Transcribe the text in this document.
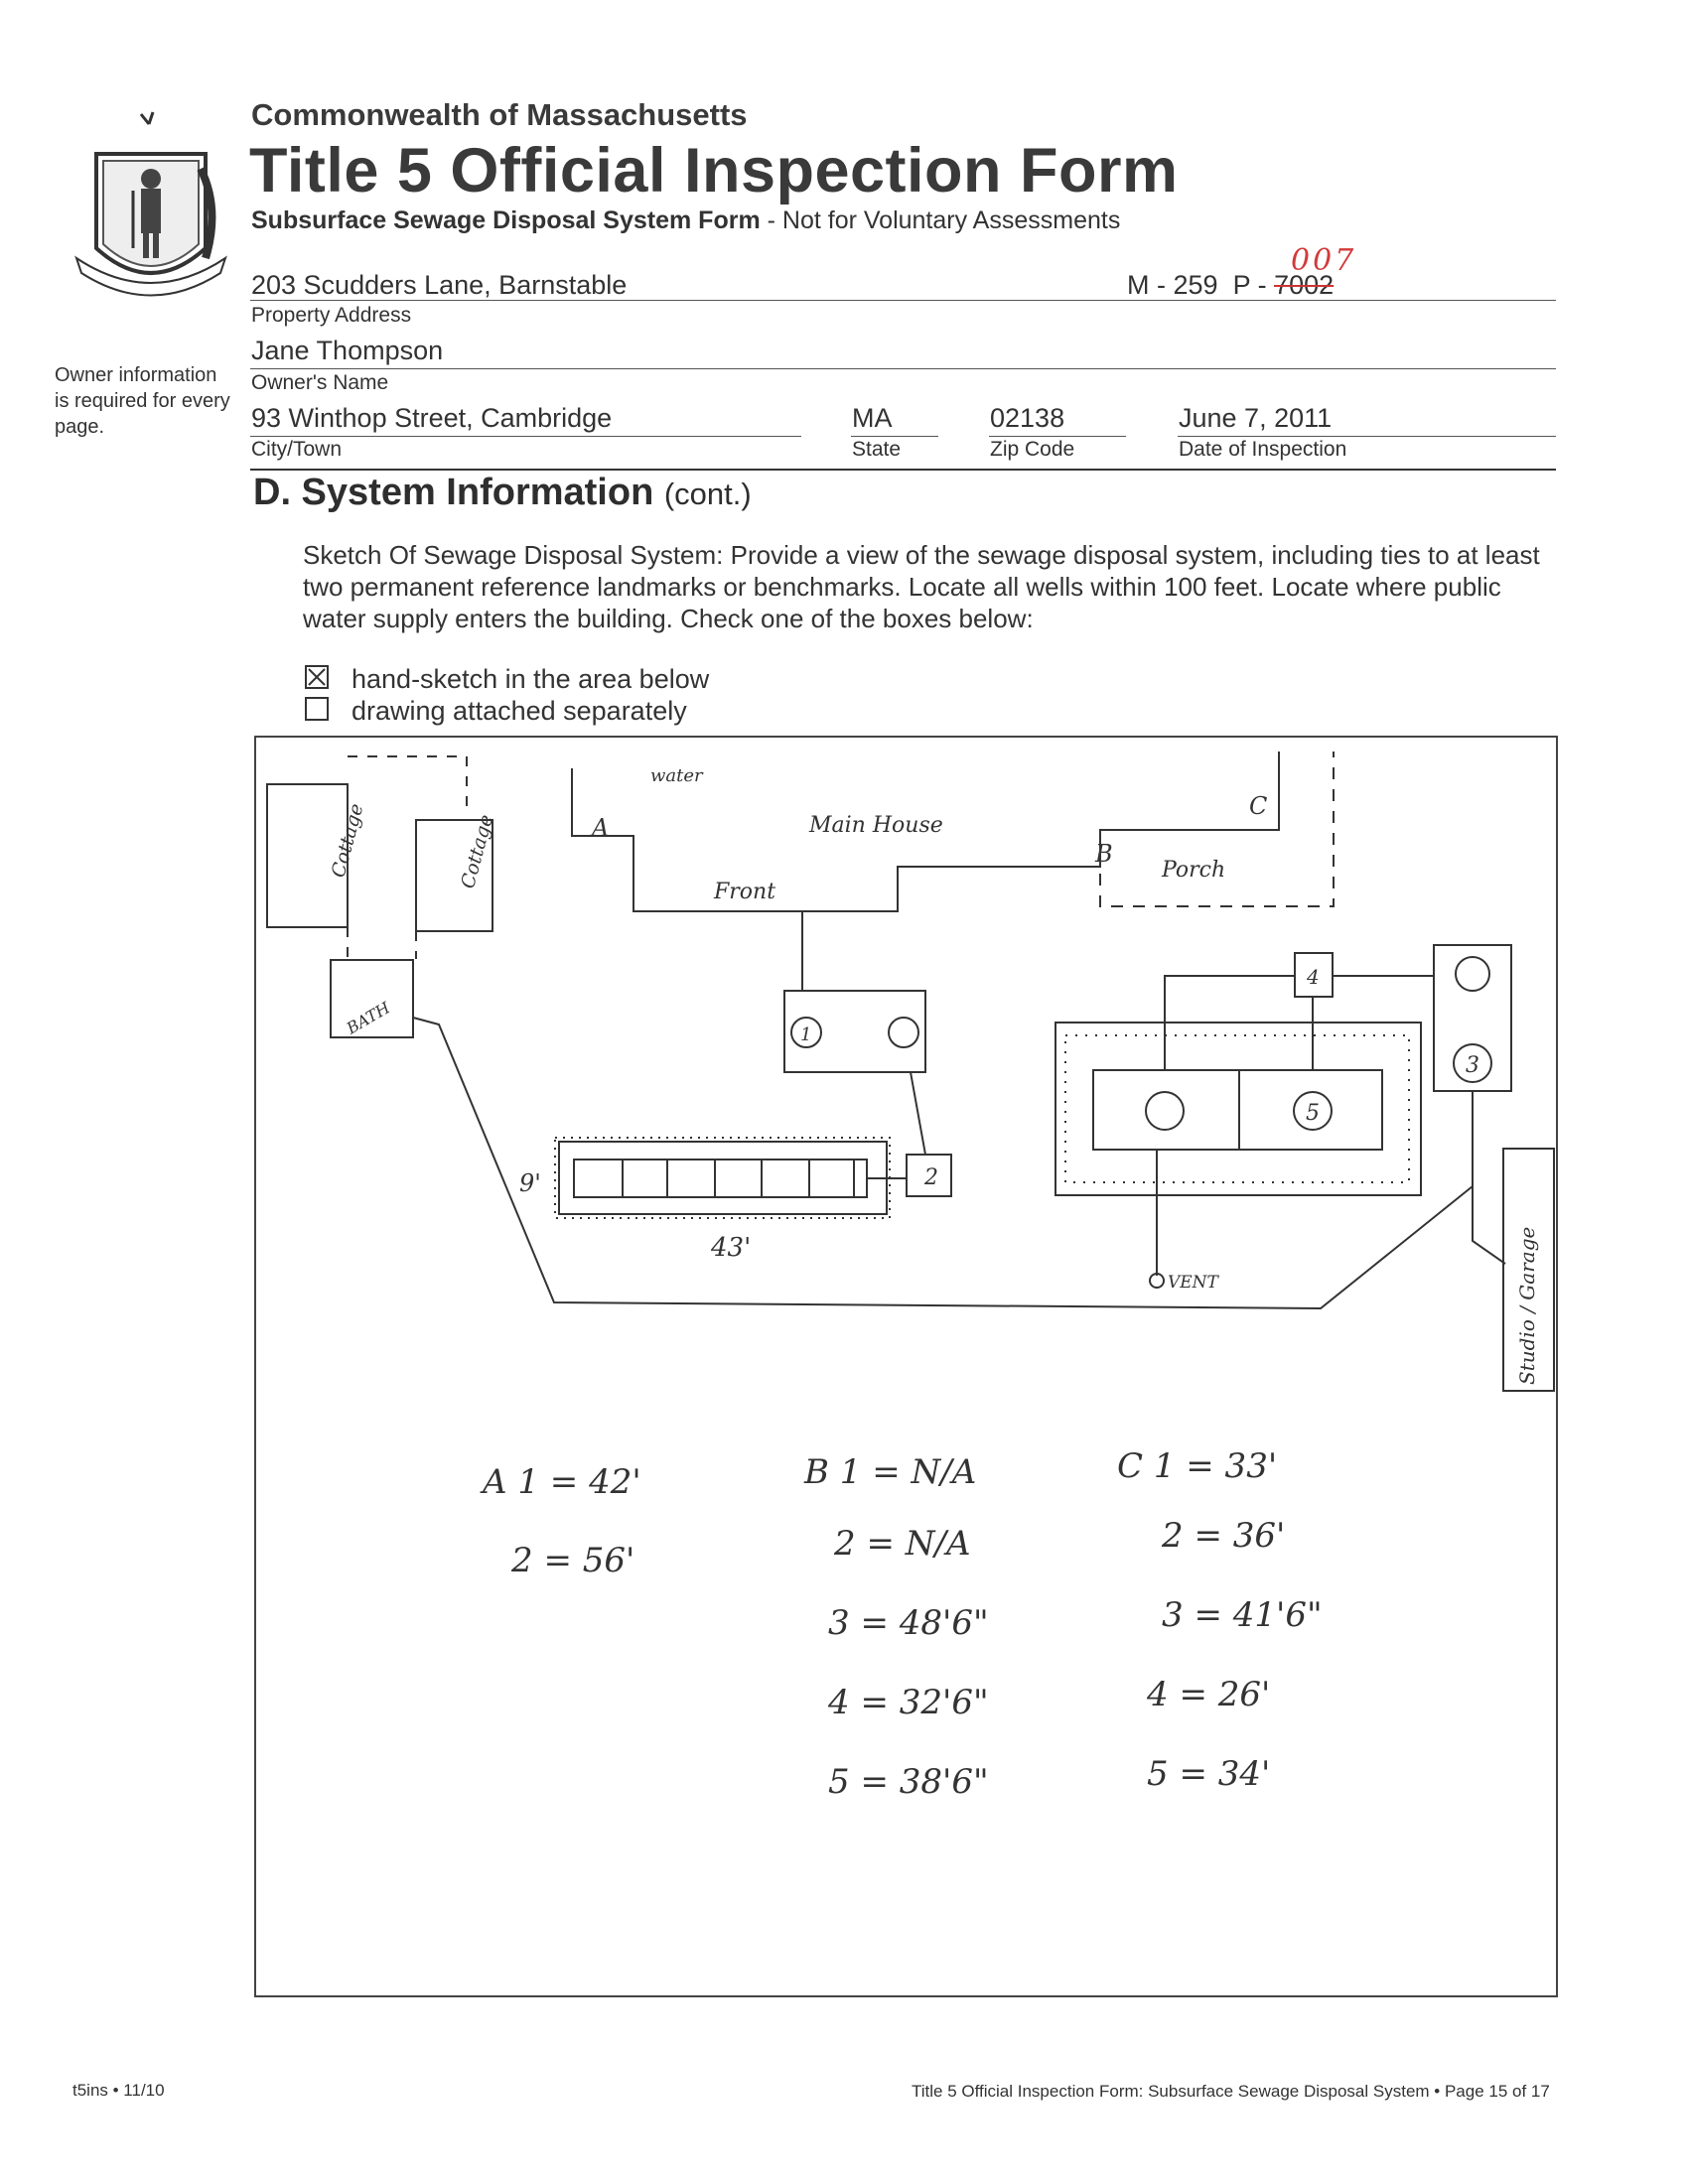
Commonwealth of Massachusetts
Title 5 Official Inspection Form
Subsurface Sewage Disposal System Form - Not for Voluntary Assessments
Owner information is required for every page.
203 Scudders Lane, Barnstable
007
M - 259 P - 7002
Property Address
Jane Thompson
Owner's Name
93 Winthop Street, Cambridge
City/Town
MA
State
02138
Zip Code
June 7, 2011
Date of Inspection
D. System Information (cont.)
Sketch Of Sewage Disposal System: Provide a view of the sewage disposal system, including ties to at least two permanent reference landmarks or benchmarks. Locate all wells within 100 feet. Locate where public water supply enters the building. Check one of the boxes below:
hand-sketch in the area below
drawing attached separately
A
water
Main House
Front
B
C
Porch
Cottage	Cottage
BATH
9'
43'
VENT	Studio / Garage
1
2
3
4
5
A 1 = 42'
2 = 56'
B 1 = N/A
2 = N/A
3 = 48'6"
4 = 32'6"
5 = 38'6"
C 1 = 33'
2 = 36'
3 = 41'6"
4 = 26'
5 = 34'
t5ins • 11/10	Title 5 Official Inspection Form: Subsurface Sewage Disposal System • Page 15 of 17
